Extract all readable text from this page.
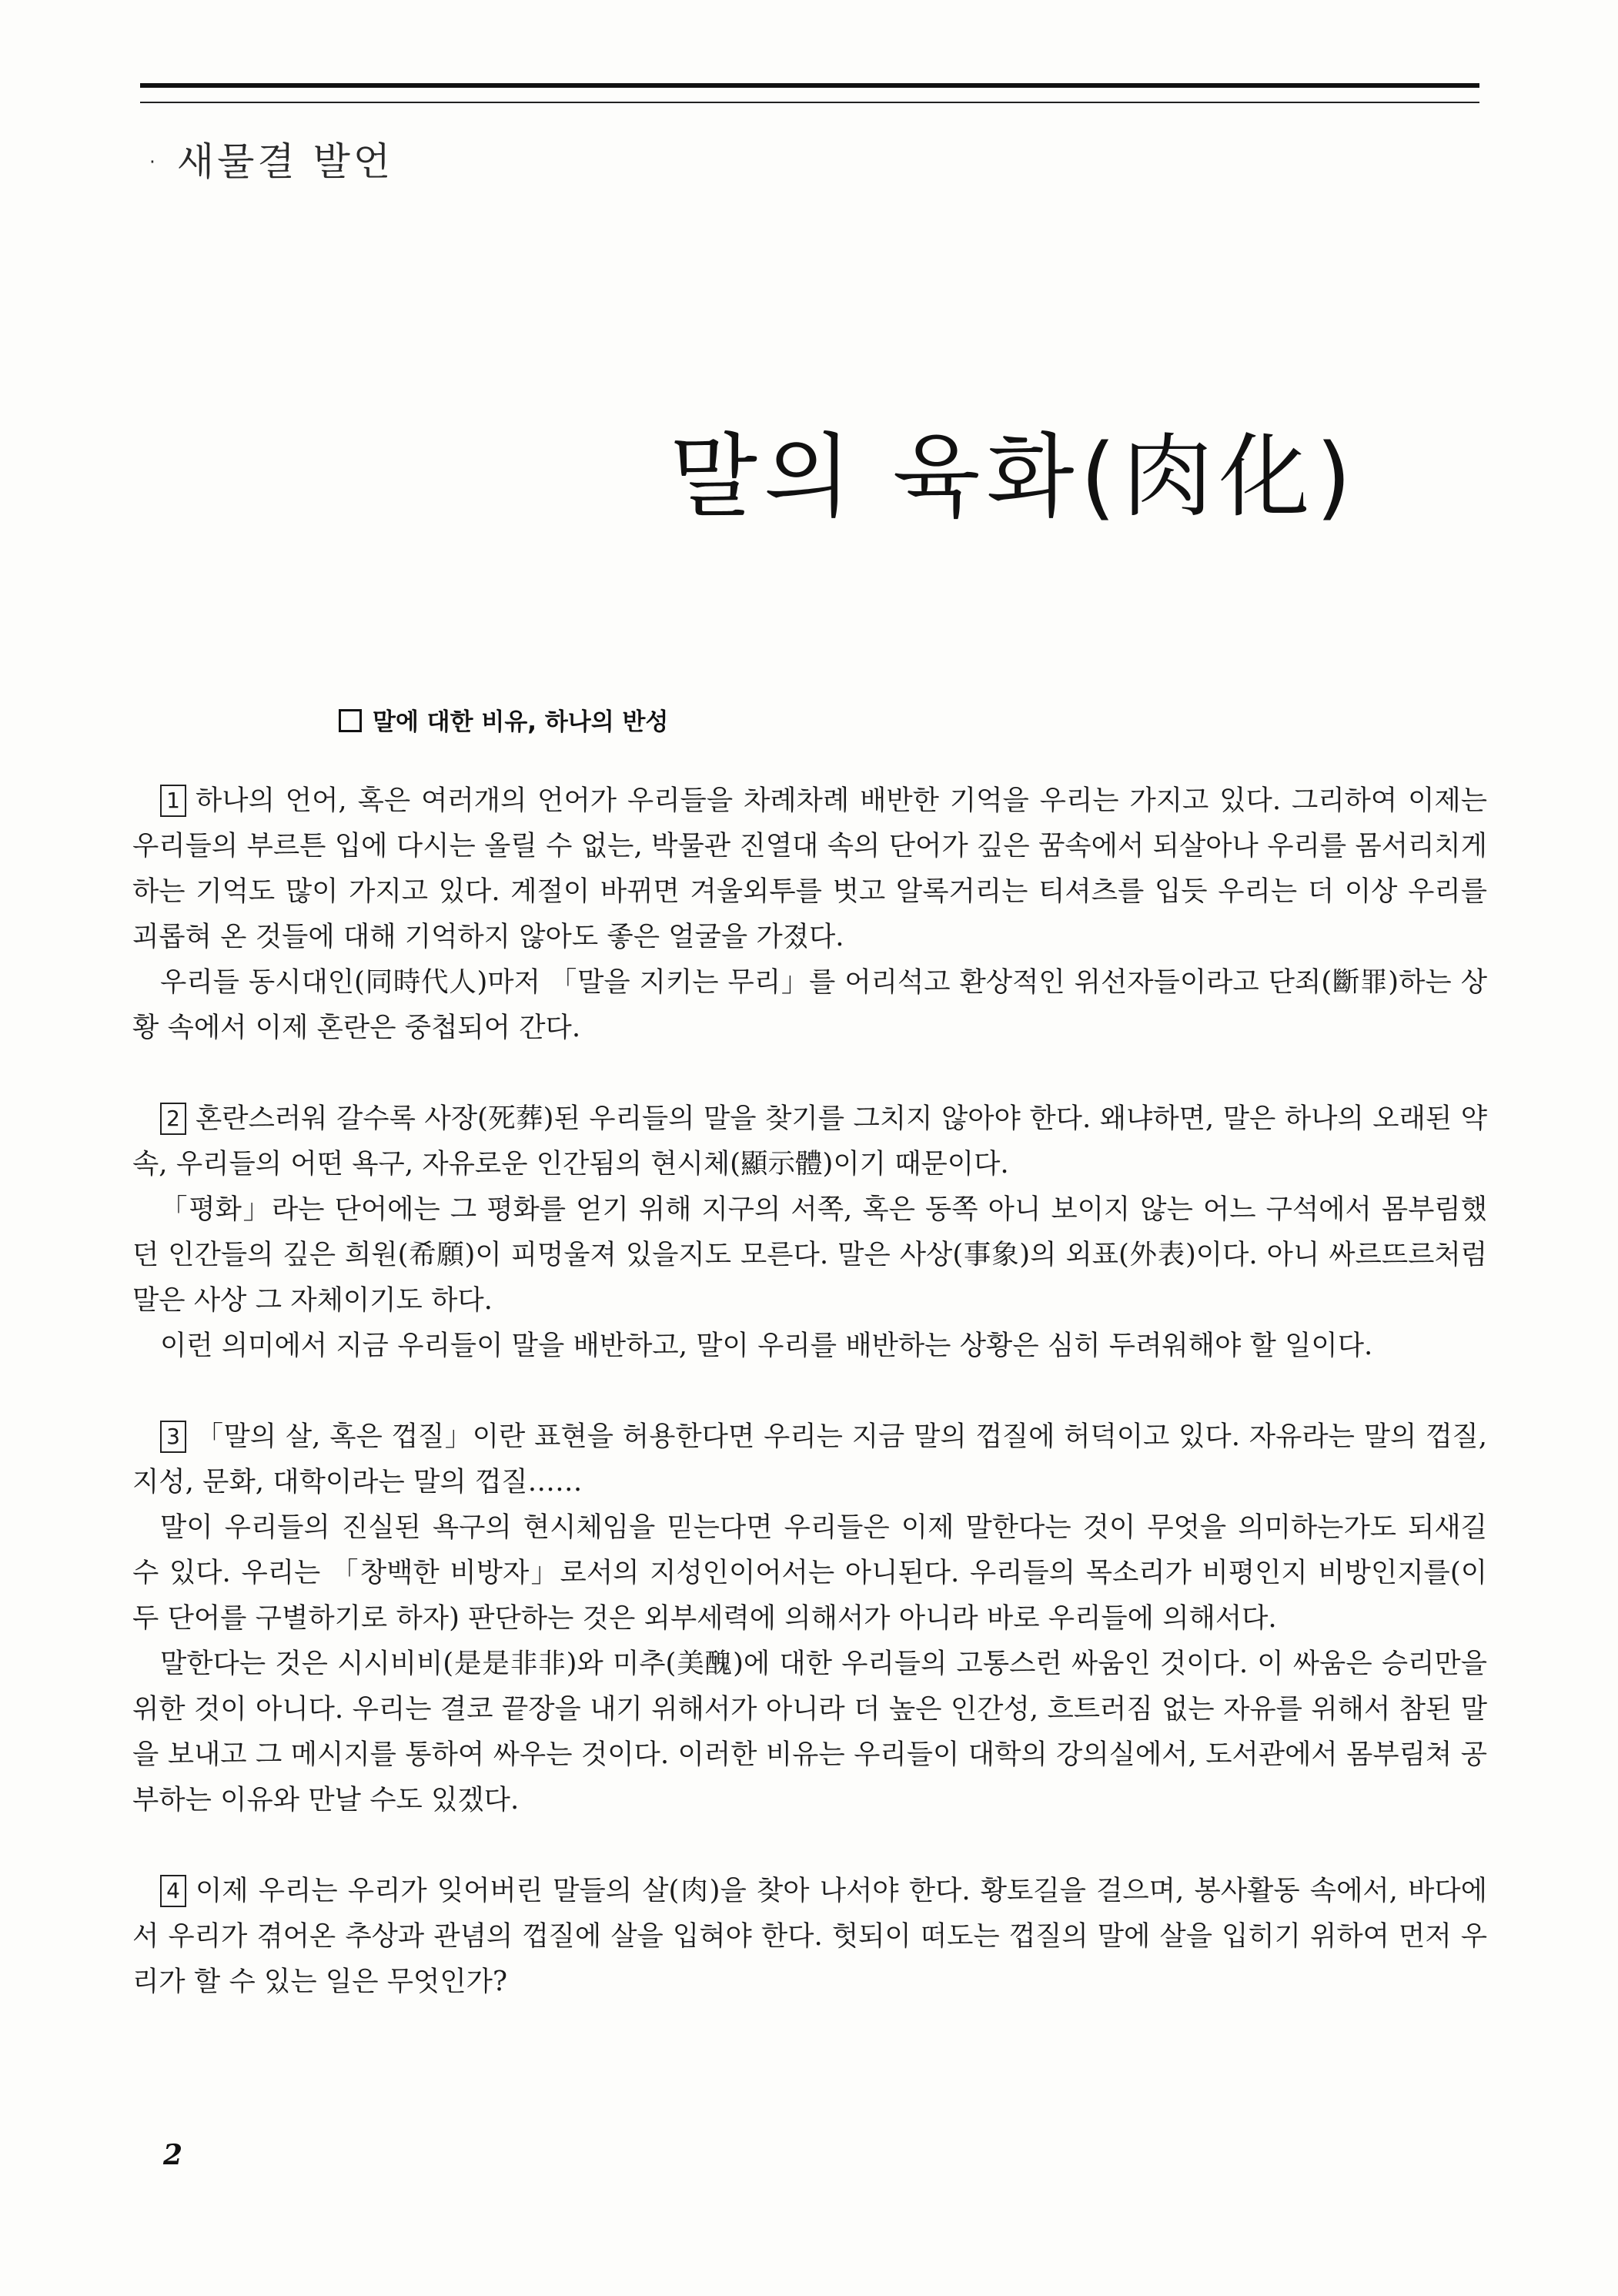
· 새물결 발언
말의 육화(肉化)
말에 대한 비유, 하나의 반성

1 하나의 언어, 혹은 여러개의 언어가 우리들을 차례차례 배반한 기억을 우리는 가지고 있다. 그리하여 이제는 우리들의 부르튼 입에 다시는 올릴 수 없는, 박물관 진열대 속의 단어가 깊은 꿈속에서 되살아나 우리를 몸서리치게 하는 기억도 많이 가지고 있다. 계절이 바뀌면 겨울외투를 벗고 알록거리는 티셔츠를 입듯 우리는 더 이상 우리를 괴롭혀 온 것들에 대해 기억하지 않아도 좋은 얼굴을 가졌다.

우리들 동시대인(同時代人)마저 「말을 지키는 무리」를 어리석고 환상적인 위선자들이라고 단죄(斷罪)하는 상황 속에서 이제 혼란은 중첩되어 간다.

2 혼란스러워 갈수록 사장(死葬)된 우리들의 말을 찾기를 그치지 않아야 한다. 왜냐하면, 말은 하나의 오래된 약속, 우리들의 어떤 욕구, 자유로운 인간됨의 현시체(顯示體)이기 때문이다.

「평화」라는 단어에는 그 평화를 얻기 위해 지구의 서쪽, 혹은 동쪽 아니 보이지 않는 어느 구석에서 몸부림했던 인간들의 깊은 희원(希願)이 피멍울져 있을지도 모른다. 말은 사상(事象)의 외표(外表)이다. 아니 싸르뜨르처럼 말은 사상 그 자체이기도 하다.

이런 의미에서 지금 우리들이 말을 배반하고, 말이 우리를 배반하는 상황은 심히 두려워해야 할 일이다.

3 「말의 살, 혹은 껍질」이란 표현을 허용한다면 우리는 지금 말의 껍질에 허덕이고 있다. 자유라는 말의 껍질, 지성, 문화, 대학이라는 말의 껍질……

말이 우리들의 진실된 욕구의 현시체임을 믿는다면 우리들은 이제 말한다는 것이 무엇을 의미하는가도 되새길 수 있다. 우리는 「창백한 비방자」로서의 지성인이어서는 아니된다. 우리들의 목소리가 비평인지 비방인지를(이 두 단어를 구별하기로 하자) 판단하는 것은 외부세력에 의해서가 아니라 바로 우리들에 의해서다.

말한다는 것은 시시비비(是是非非)와 미추(美醜)에 대한 우리들의 고통스런 싸움인 것이다. 이 싸움은 승리만을 위한 것이 아니다. 우리는 결코 끝장을 내기 위해서가 아니라 더 높은 인간성, 흐트러짐 없는 자유를 위해서 참된 말을 보내고 그 메시지를 통하여 싸우는 것이다. 이러한 비유는 우리들이 대학의 강의실에서, 도서관에서 몸부림쳐 공부하는 이유와 만날 수도 있겠다.

4 이제 우리는 우리가 잊어버린 말들의 살(肉)을 찾아 나서야 한다. 황토길을 걸으며, 봉사활동 속에서, 바다에서 우리가 겪어온 추상과 관념의 껍질에 살을 입혀야 한다. 헛되이 떠도는 껍질의 말에 살을 입히기 위하여 먼저 우리가 할 수 있는 일은 무엇인가?

2
